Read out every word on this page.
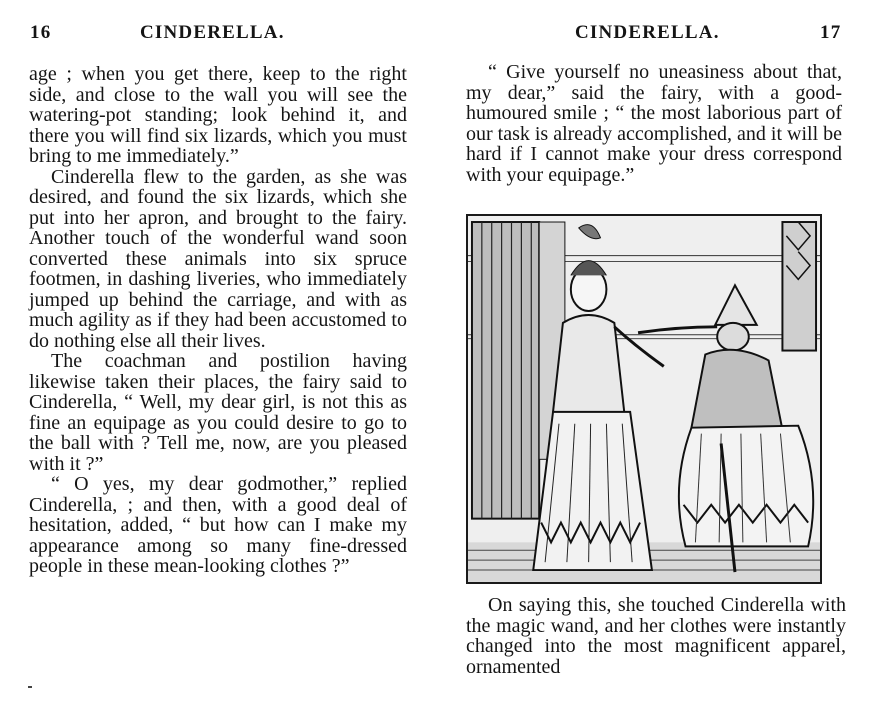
16	CINDERELLA.

age ; when you get there, keep to the right side, and close to the wall you will see the watering-pot standing; look behind it, and there you will find six lizards, which you must bring to me immediately.”

Cinderella flew to the garden, as she was desired, and found the six lizards, which she put into her apron, and brought to the fairy. Another touch of the wonderful wand soon converted these animals into six spruce footmen, in dashing liveries, who immediately jumped up behind the carriage, and with as much agility as if they had been accustomed to do nothing else all their lives.

The coachman and postilion having likewise taken their places, the fairy said to Cinderella, “ Well, my dear girl, is not this as fine an equipage as you could desire to go to the ball with ? Tell me, now, are you pleased with it ?”

“ O yes, my dear godmother,” replied Cinderella, ; and then, with a good deal of hesitation, added, “ but how can I make my appearance among so many fine-dressed people in these mean-looking clothes ?”

CINDERELLA.	17

“ Give yourself no uneasiness about that, my dear,” said the fairy, with a good-humoured smile ; “ the most laborious part of our task is already accomplished, and it will be hard if I cannot make your dress correspond with your equipage.”

On saying this, she touched Cinderella with the magic wand, and her clothes were instantly changed into the most magnificent apparel, ornamented
